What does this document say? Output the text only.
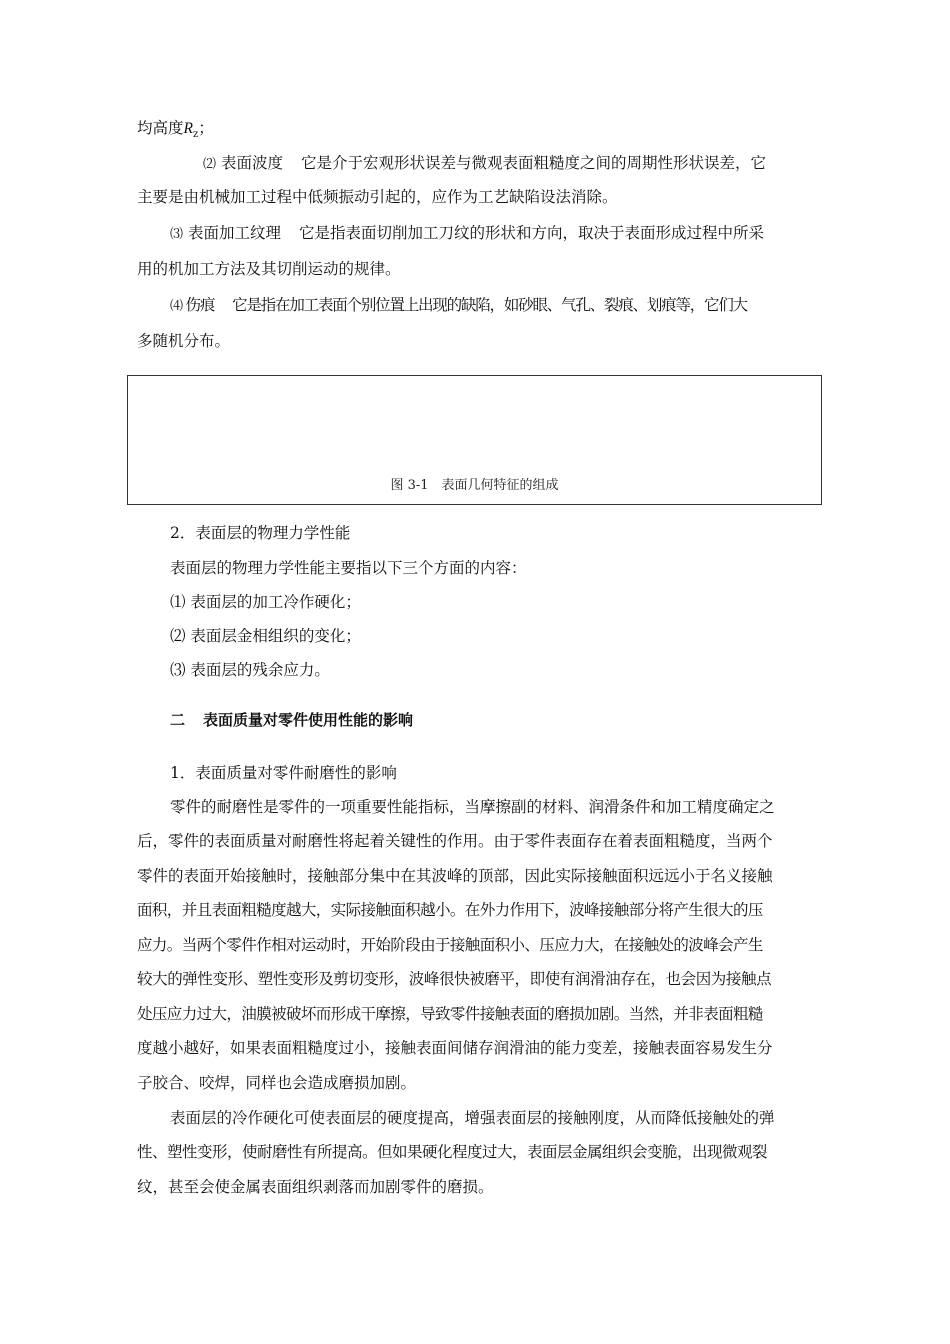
均高度$R_z$；
⑵ 表面波度 它是介于宏观形状误差与微观表面粗糙度之间的周期性形状误差，它
主要是由机械加工过程中低频振动引起的，应作为工艺缺陷设法消除。
⑶ 表面加工纹理 它是指表面切削加工刀纹的形状和方向，取决于表面形成过程中所采
用的机加工方法及其切削运动的规律。
⑷ 伤痕 它是指在加工表面个别位置上出现的缺陷，如砂眼、气孔、裂痕、划痕等，它们大
多随机分布。
图 3-1　表面几何特征的组成
2．表面层的物理力学性能
表面层的物理力学性能主要指以下三个方面的内容：
⑴ 表面层的加工冷作硬化；
⑵ 表面层金相组织的变化；
⑶ 表面层的残余应力。
二 表面质量对零件使用性能的影响
1．表面质量对零件耐磨性的影响
零件的耐磨性是零件的一项重要性能指标，当摩擦副的材料、润滑条件和加工精度确定之
后，零件的表面质量对耐磨性将起着关键性的作用。由于零件表面存在着表面粗糙度，当两个
零件的表面开始接触时，接触部分集中在其波峰的顶部，因此实际接触面积远远小于名义接触
面积，并且表面粗糙度越大，实际接触面积越小。在外力作用下，波峰接触部分将产生很大的压
应力。当两个零件作相对运动时，开始阶段由于接触面积小、压应力大，在接触处的波峰会产生
较大的弹性变形、塑性变形及剪切变形，波峰很快被磨平，即使有润滑油存在，也会因为接触点
处压应力过大，油膜被破坏而形成干摩擦，导致零件接触表面的磨损加剧。当然，并非表面粗糙
度越小越好，如果表面粗糙度过小，接触表面间储存润滑油的能力变差，接触表面容易发生分
子胶合、咬焊，同样也会造成磨损加剧。
表面层的冷作硬化可使表面层的硬度提高，增强表面层的接触刚度，从而降低接触处的弹
性、塑性变形，使耐磨性有所提高。但如果硬化程度过大，表面层金属组织会变脆，出现微观裂
纹，甚至会使金属表面组织剥落而加剧零件的磨损。
